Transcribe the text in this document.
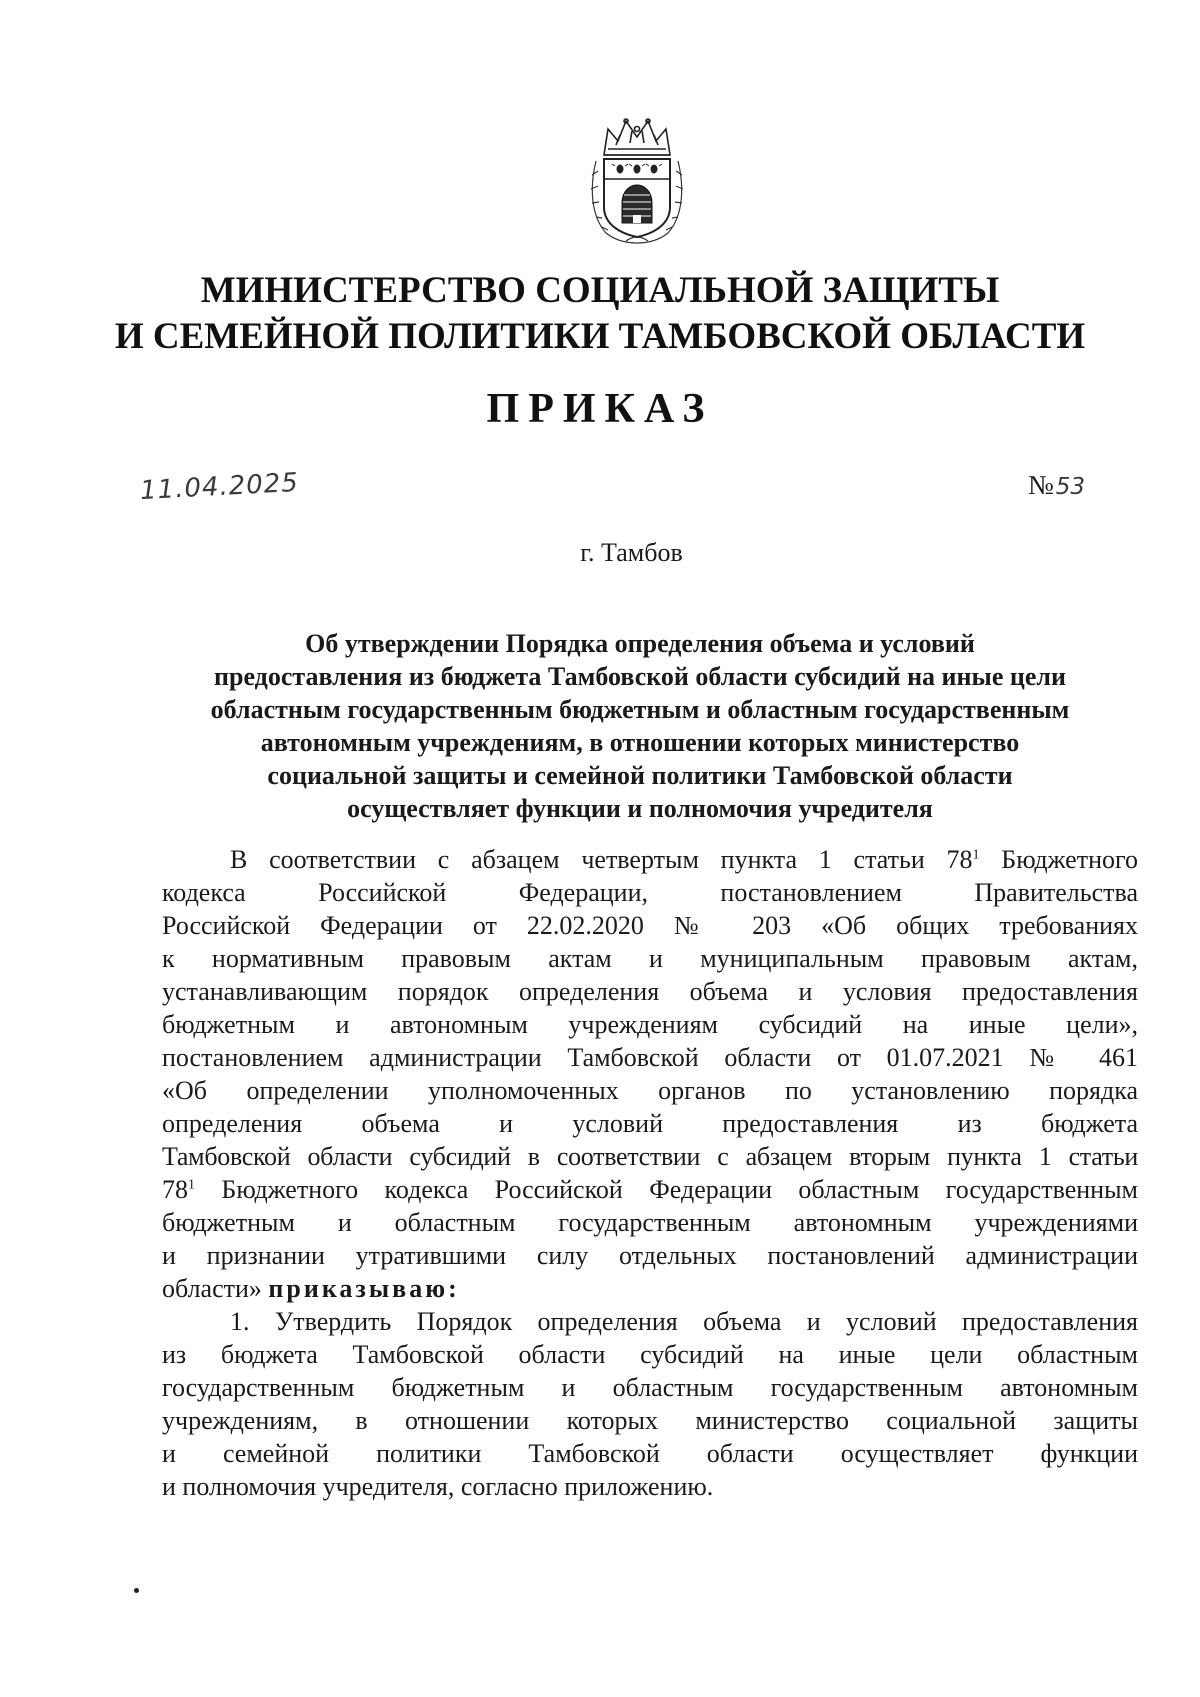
МИНИСТЕРСТВО СОЦИАЛЬНОЙ ЗАЩИТЫ
И СЕМЕЙНОЙ ПОЛИТИКИ ТАМБОВСКОЙ ОБЛАСТИ
ПРИКАЗ
11.04.2025	№53
г. Тамбов
Об утверждении Порядка определения объема и условий
предоставления из бюджета Тамбовской области субсидий на иные цели
областным государственным бюджетным и областным государственным
автономным учреждениям, в отношении которых министерство
социальной защиты и семейной политики Тамбовской области
осуществляет функции и полномочия учредителя
В соответствии с абзацем четвертым пункта 1 статьи $78^1$ Бюджетного
кодекса Российской Федерации, постановлением Правительства
Российской Федерации от 22.02.2020 № 203 «Об общих требованиях
к нормативным правовым актам и муниципальным правовым актам,
устанавливающим порядок определения объема и условия предоставления
бюджетным и автономным учреждениям субсидий на иные цели»,
постановлением администрации Тамбовской области от 01.07.2021 № 461
«Об определении уполномоченных органов по установлению порядка
определения объема и условий предоставления из бюджета
Тамбовской области субсидий в соответствии с абзацем вторым пункта 1 статьи
$78^1$ Бюджетного кодекса Российской Федерации областным государственным
бюджетным и областным государственным автономным учреждениями
и признании утратившими силу отдельных постановлений администрации
области» приказываю:
1. Утвердить Порядок определения объема и условий предоставления
из бюджета Тамбовской области субсидий на иные цели областным
государственным бюджетным и областным государственным автономным
учреждениям, в отношении которых министерство социальной защиты
и семейной политики Тамбовской области осуществляет функции
и полномочия учредителя, согласно приложению.
